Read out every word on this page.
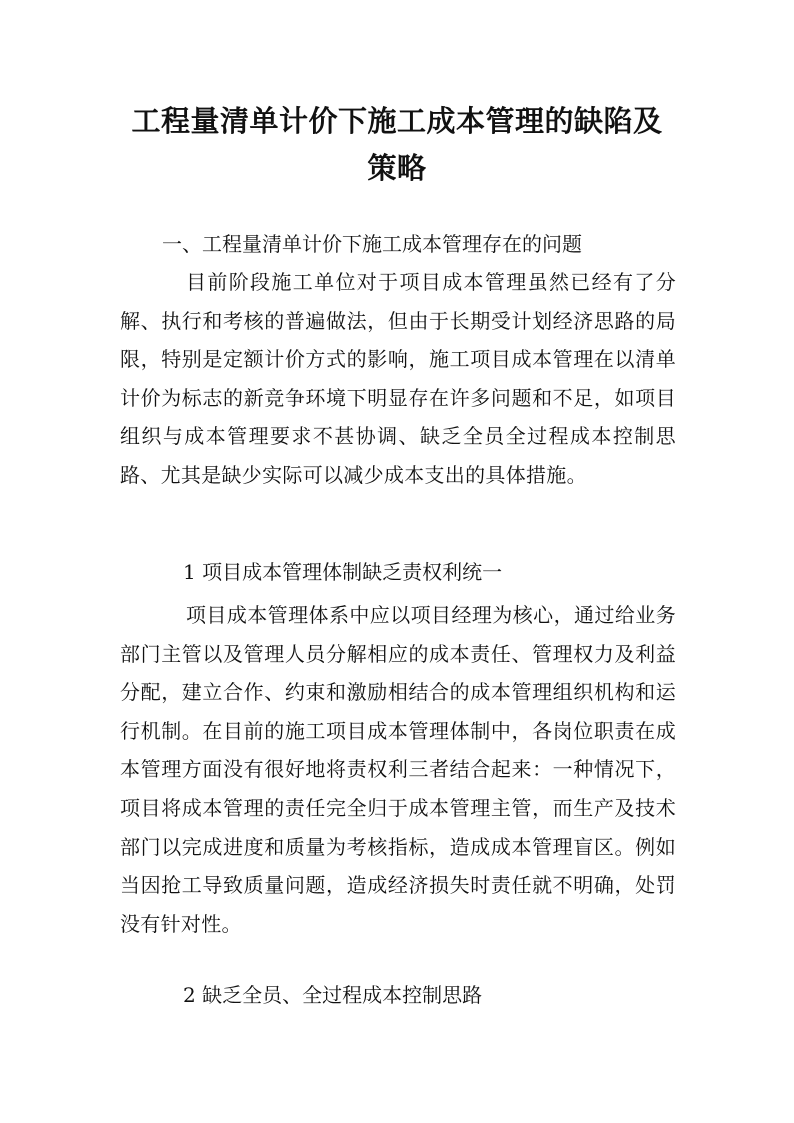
工程量清单计价下施工成本管理的缺陷及
策略
一、工程量清单计价下施工成本管理存在的问题

目前阶段施工单位对于项目成本管理虽然已经有了分解、执行和考核的普遍做法，但由于长期受计划经济思路的局限，特别是定额计价方式的影响，施工项目成本管理在以清单计价为标志的新竞争环境下明显存在许多问题和不足，如项目组织与成本管理要求不甚协调、缺乏全员全过程成本控制思路、尤其是缺少实际可以减少成本支出的具体措施。

1 项目成本管理体制缺乏责权利统一

项目成本管理体系中应以项目经理为核心，通过给业务部门主管以及管理人员分解相应的成本责任、管理权力及利益分配，建立合作、约束和激励相结合的成本管理组织机构和运行机制。在目前的施工项目成本管理体制中，各岗位职责在成本管理方面没有很好地将责权利三者结合起来：一种情况下，项目将成本管理的责任完全归于成本管理主管，而生产及技术部门以完成进度和质量为考核指标，造成成本管理盲区。例如当因抢工导致质量问题，造成经济损失时责任就不明确，处罚没有针对性。

2 缺乏全员、全过程成本控制思路
